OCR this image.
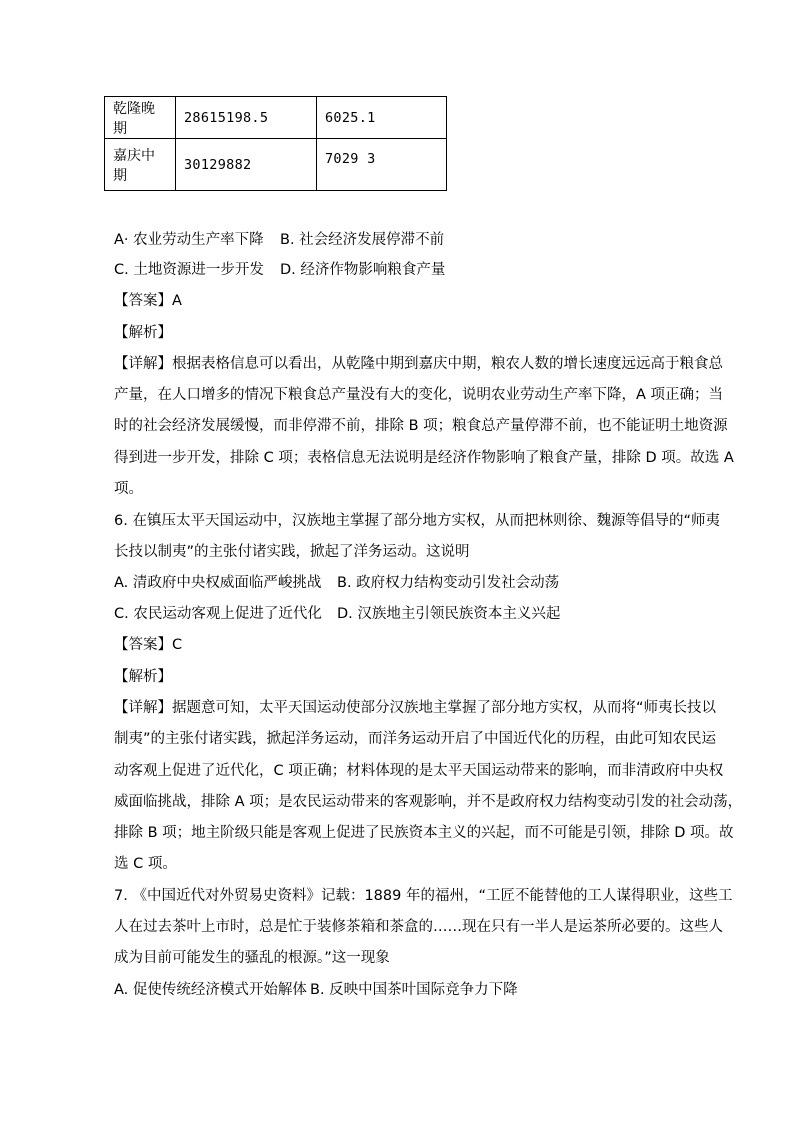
乾隆晚期	28615198.5	6025.1
嘉庆中期	30129882	7029 3
A· 农业劳动生产率下降 B. 社会经济发展停滞不前
C. 土地资源进一步开发 D. 经济作物影响粮食产量
【答案】A
【解析】
【详解】根据表格信息可以看出，从乾隆中期到嘉庆中期，粮农人数的增长速度远远高于粮食总
产量，在人口增多的情况下粮食总产量没有大的变化，说明农业劳动生产率下降，A 项正确；当
时的社会经济发展缓慢，而非停滞不前，排除 B 项；粮食总产量停滞不前，也不能证明土地资源
得到进一步开发，排除 C 项；表格信息无法说明是经济作物影响了粮食产量，排除 D 项。故选 A
项。
6. 在镇压太平天国运动中，汉族地主掌握了部分地方实权，从而把林则徐、魏源等倡导的“师夷
长技以制夷”的主张付诸实践，掀起了洋务运动。这说明
A. 清政府中央权威面临严峻挑战 B. 政府权力结构变动引发社会动荡
C. 农民运动客观上促进了近代化 D. 汉族地主引领民族资本主义兴起
【答案】C
【解析】
【详解】据题意可知，太平天国运动使部分汉族地主掌握了部分地方实权，从而将“师夷长技以
制夷”的主张付诸实践，掀起洋务运动，而洋务运动开启了中国近代化的历程，由此可知农民运
动客观上促进了近代化，C 项正确；材料体现的是太平天国运动带来的影响，而非清政府中央权
威面临挑战，排除 A 项；是农民运动带来的客观影响，并不是政府权力结构变动引发的社会动荡，
排除 B 项；地主阶级只能是客观上促进了民族资本主义的兴起，而不可能是引领，排除 D 项。故
选 C 项。
7. 《中国近代对外贸易史资料》记载：1889 年的福州，“工匠不能替他的工人谋得职业，这些工
人在过去茶叶上市时，总是忙于装修茶箱和茶盒的……现在只有一半人是运茶所必要的。这些人
成为目前可能发生的骚乱的根源。”这一现象
A. 促使传统经济模式开始解体 B. 反映中国茶叶国际竞争力下降
